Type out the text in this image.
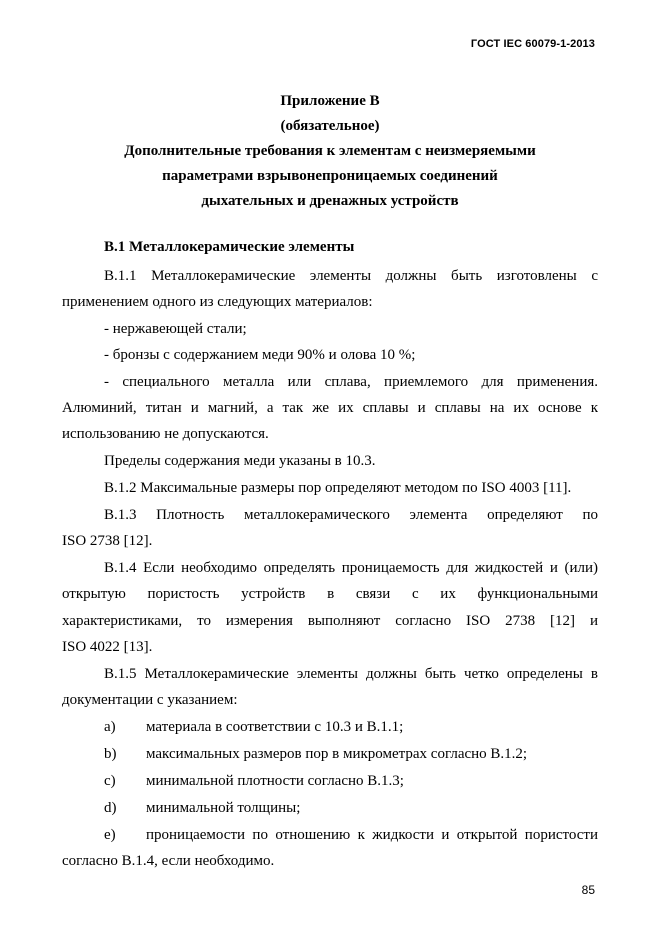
ГОСТ IEC 60079-1-2013
Приложение В
(обязательное)
Дополнительные требования к элементам с неизмеряемыми
параметрами взрывонепроницаемых соединений
дыхательных и дренажных устройств
В.1 Металлокерамические элементы
В.1.1 Металлокерамические элементы должны быть изготовлены с
применением одного из следующих материалов:
- нержавеющей стали;
- бронзы с содержанием меди 90% и олова 10 %;
- специального металла или сплава, приемлемого для применения.
Алюминий, титан и магний, а так же их сплавы и сплавы на их основе к
использованию не допускаются.
Пределы содержания меди указаны в 10.3.
В.1.2 Максимальные размеры пор определяют методом по ISO 4003 [11].
В.1.3 Плотность металлокерамического элемента определяют по
ISO 2738 [12].
В.1.4 Если необходимо определять проницаемость для жидкостей и (или)
открытую пористость устройств в связи с их функциональными
характеристиками, то измерения выполняют согласно ISO 2738 [12] и
ISO 4022 [13].
В.1.5 Металлокерамические элементы должны быть четко определены в
документации с указанием:
a) материала в соответствии с 10.3 и В.1.1;
b) максимальных размеров пор в микрометрах согласно В.1.2;
c) минимальной плотности согласно В.1.3;
d) минимальной толщины;
e) проницаемости по отношению к жидкости и открытой пористости
согласно В.1.4, если необходимо.
85
